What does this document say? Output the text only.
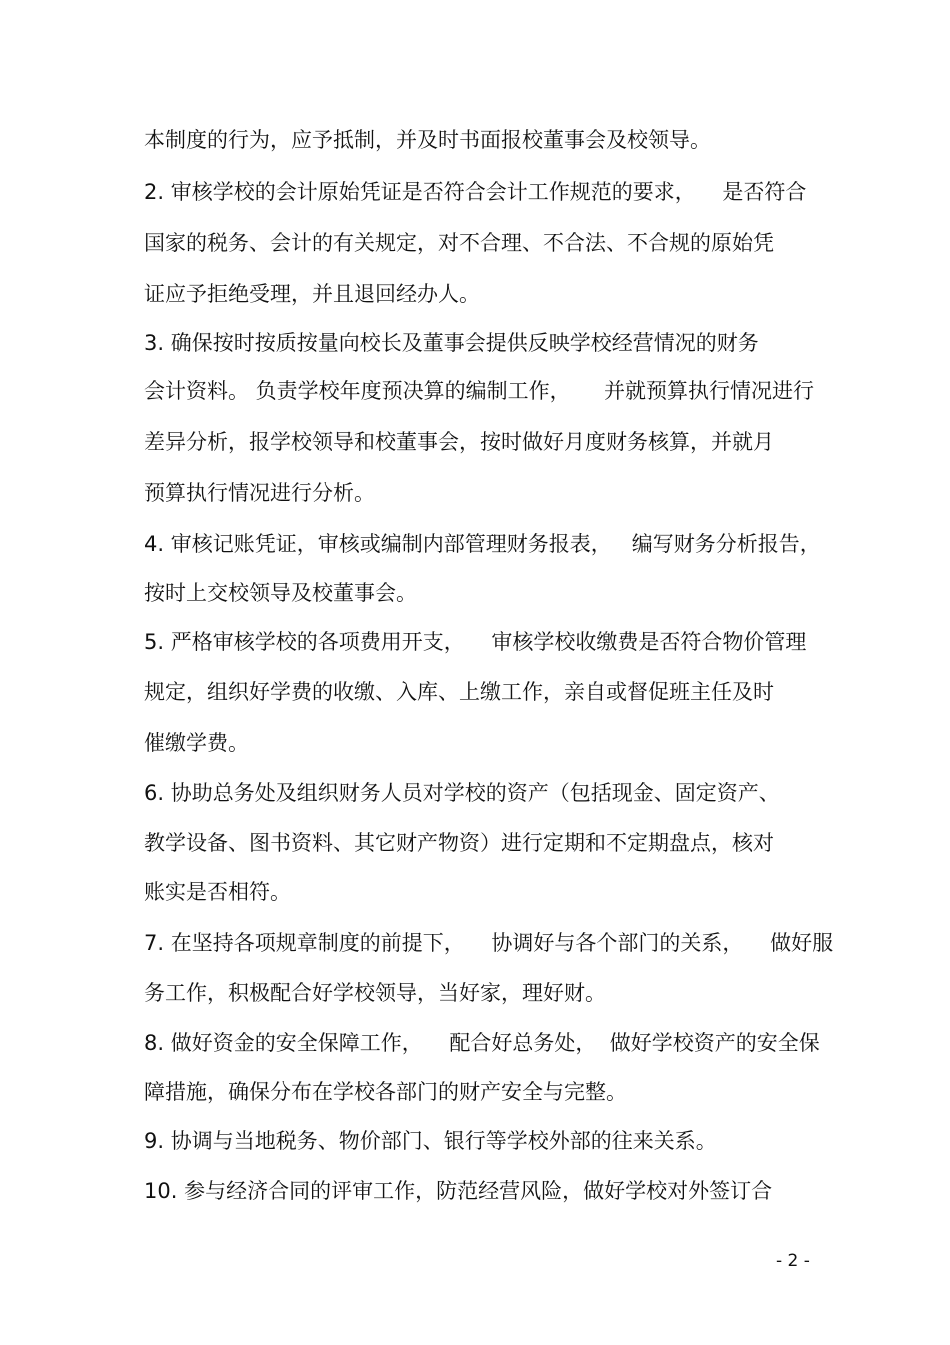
本制度的行为，应予抵制，并及时书面报校董事会及校领导。
2. 审核学校的会计原始凭证是否符合会计工作规范的要求，    是否符合
国家的税务、会计的有关规定，对不合理、不合法、不合规的原始凭
证应予拒绝受理，并且退回经办人。
3. 确保按时按质按量向校长及董事会提供反映学校经营情况的财务
会计资料。 负责学校年度预决算的编制工作，     并就预算执行情况进行
差异分析，报学校领导和校董事会，按时做好月度财务核算，并就月
预算执行情况进行分析。
4. 审核记账凭证，审核或编制内部管理财务报表，   编写财务分析报告，
按时上交校领导及校董事会。
5. 严格审核学校的各项费用开支，    审核学校收缴费是否符合物价管理
规定，组织好学费的收缴、入库、上缴工作，亲自或督促班主任及时
催缴学费。
6. 协助总务处及组织财务人员对学校的资产（包括现金、固定资产、
教学设备、图书资料、其它财产物资）进行定期和不定期盘点，核对
账实是否相符。
7. 在坚持各项规章制度的前提下，    协调好与各个部门的关系，    做好服
务工作，积极配合好学校领导，当好家，理好财。
8. 做好资金的安全保障工作，    配合好总务处，  做好学校资产的安全保
障措施，确保分布在学校各部门的财产安全与完整。
9. 协调与当地税务、物价部门、银行等学校外部的往来关系。
10. 参与经济合同的评审工作，防范经营风险，做好学校对外签订合
- 2 -
